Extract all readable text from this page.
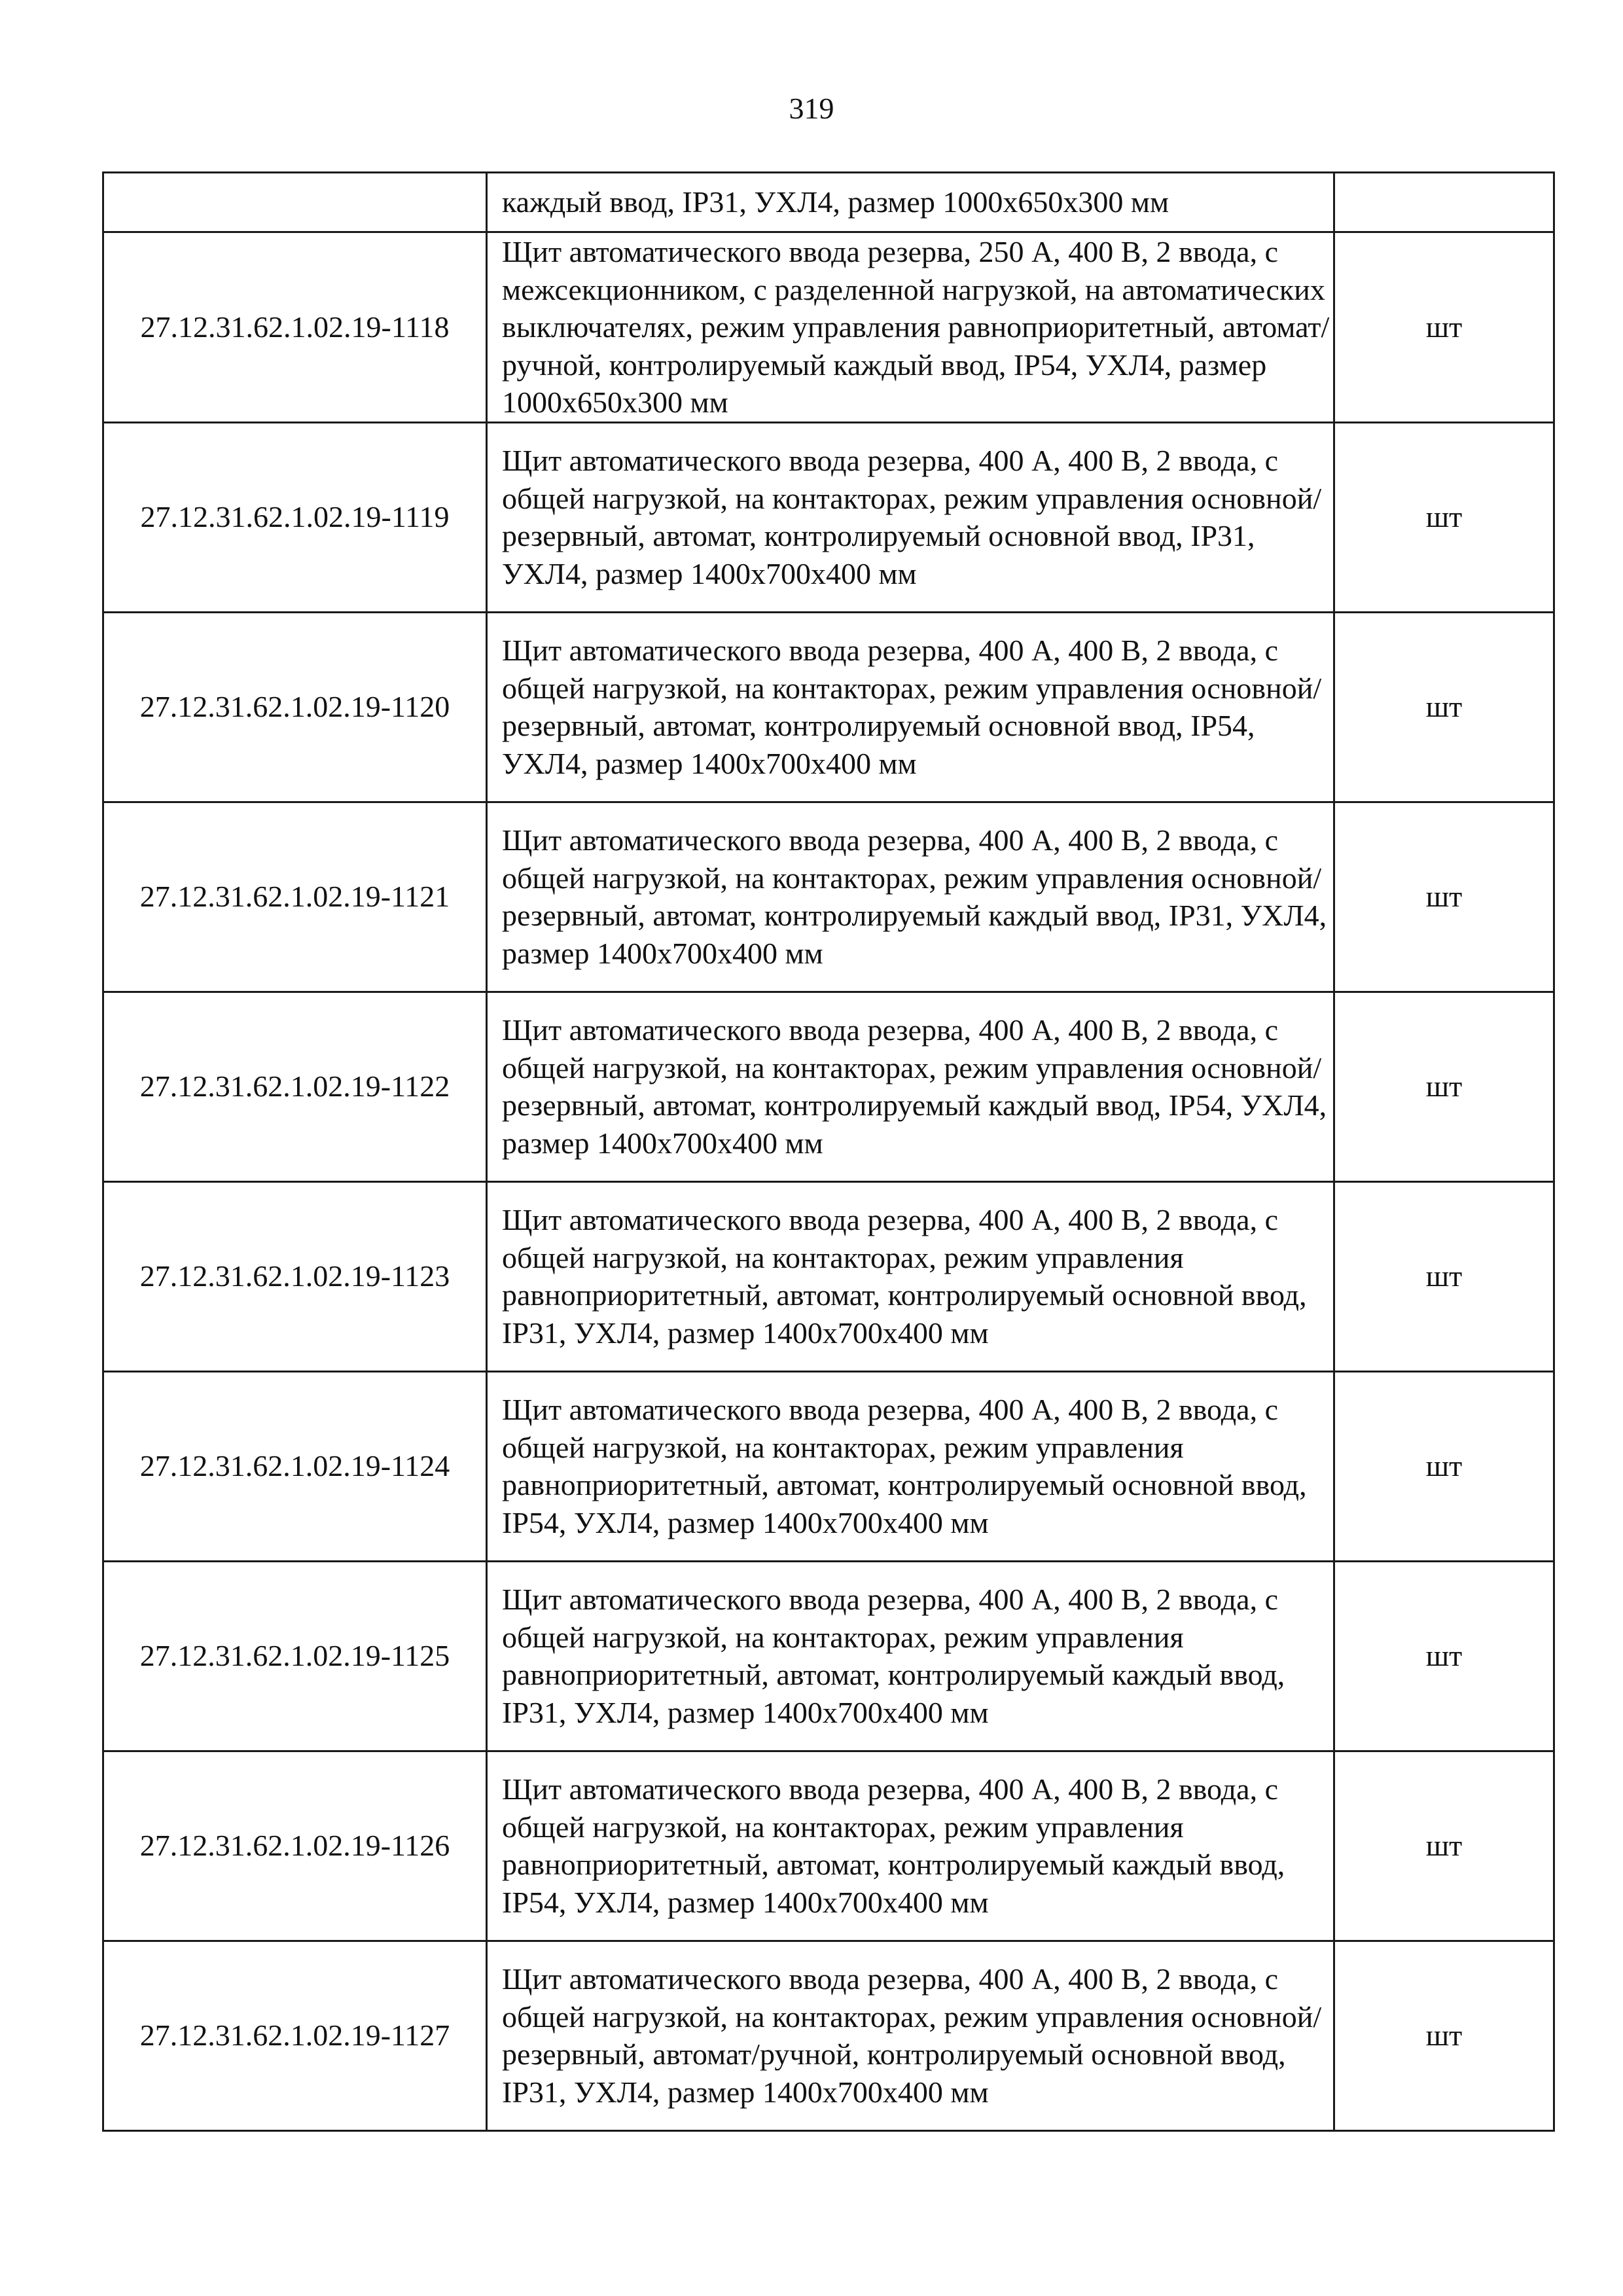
319
	каждый ввод, IP31, УХЛ4, размер 1000х650х300 мм	
27.12.31.62.1.02.19-1118	Щит автоматического ввода резерва, 250 А, 400 В, 2 ввода, с межсекционником, с разделенной нагрузкой, на автоматических выключателях, режим управления равноприоритетный, автомат/ручной, контролируемый каждый ввод, IP54, УХЛ4, размер 1000х650х300 мм	шт
27.12.31.62.1.02.19-1119	Щит автоматического ввода резерва, 400 А, 400 В, 2 ввода, с общей нагрузкой, на контакторах, режим управления основной/резервный, автомат, контролируемый основной ввод, IP31, УХЛ4, размер 1400х700х400 мм	шт
27.12.31.62.1.02.19-1120	Щит автоматического ввода резерва, 400 А, 400 В, 2 ввода, с общей нагрузкой, на контакторах, режим управления основной/резервный, автомат, контролируемый основной ввод, IP54, УХЛ4, размер 1400х700х400 мм	шт
27.12.31.62.1.02.19-1121	Щит автоматического ввода резерва, 400 А, 400 В, 2 ввода, с общей нагрузкой, на контакторах, режим управления основной/резервный, автомат, контролируемый каждый ввод, IP31, УХЛ4, размер 1400х700х400 мм	шт
27.12.31.62.1.02.19-1122	Щит автоматического ввода резерва, 400 А, 400 В, 2 ввода, с общей нагрузкой, на контакторах, режим управления основной/резервный, автомат, контролируемый каждый ввод, IP54, УХЛ4, размер 1400х700х400 мм	шт
27.12.31.62.1.02.19-1123	Щит автоматического ввода резерва, 400 А, 400 В, 2 ввода, с общей нагрузкой, на контакторах, режим управления равноприоритетный, автомат, контролируемый основной ввод, IP31, УХЛ4, размер 1400х700х400 мм	шт
27.12.31.62.1.02.19-1124	Щит автоматического ввода резерва, 400 А, 400 В, 2 ввода, с общей нагрузкой, на контакторах, режим управления равноприоритетный, автомат, контролируемый основной ввод, IP54, УХЛ4, размер 1400х700х400 мм	шт
27.12.31.62.1.02.19-1125	Щит автоматического ввода резерва, 400 А, 400 В, 2 ввода, с общей нагрузкой, на контакторах, режим управления равноприоритетный, автомат, контролируемый каждый ввод, IP31, УХЛ4, размер 1400х700х400 мм	шт
27.12.31.62.1.02.19-1126	Щит автоматического ввода резерва, 400 А, 400 В, 2 ввода, с общей нагрузкой, на контакторах, режим управления равноприоритетный, автомат, контролируемый каждый ввод, IP54, УХЛ4, размер 1400х700х400 мм	шт
27.12.31.62.1.02.19-1127	Щит автоматического ввода резерва, 400 А, 400 В, 2 ввода, с общей нагрузкой, на контакторах, режим управления основной/резервный, автомат/ручной, контролируемый основной ввод, IP31, УХЛ4, размер 1400х700х400 мм	шт
